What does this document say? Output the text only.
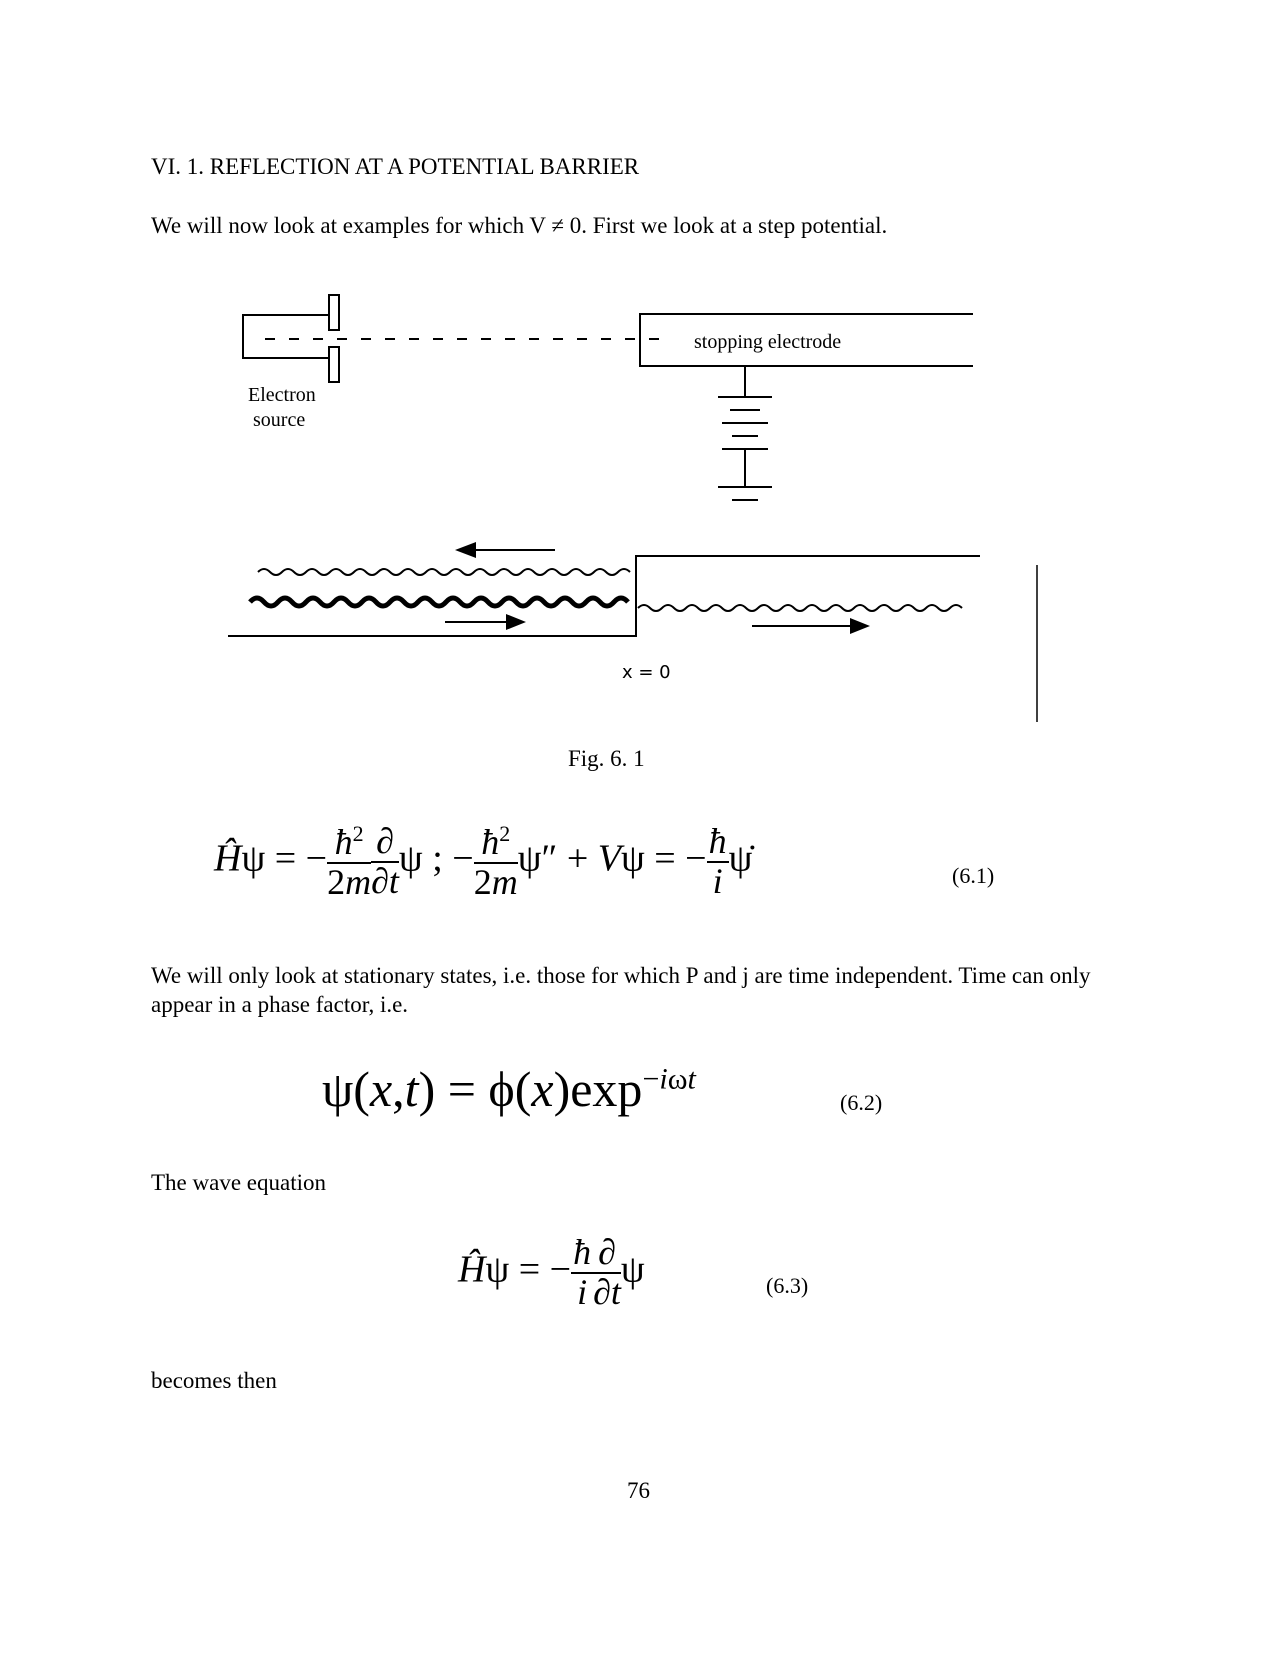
VI. 1. REFLECTION AT A POTENTIAL BARRIER
We will now look at examples for which V ≠ 0. First we look at a step potential.
Electron
source
stopping electrode
x = 0
Fig. 6. 1
Ĥψ = − $\frac{ħ^2}{2m} \frac{\partial}{\partial t}$ ψ ; − $\frac{ħ^2}{2m} \psi'' + V\psi$ = − $\frac{ħ}{i}$ ψ̇	(6.1)
We will only look at stationary states, i.e. those for which P and j are time independent. Time can only appear in a phase factor, i.e.
$\psi(x,t) = \phi(x)\exp^{-i\omega t}$
(6.2)
The wave equation
Ĥψ = − $\frac{ħ}{i} \frac{\partial}{\partial t}$ ψ	(6.3)
becomes then
76
